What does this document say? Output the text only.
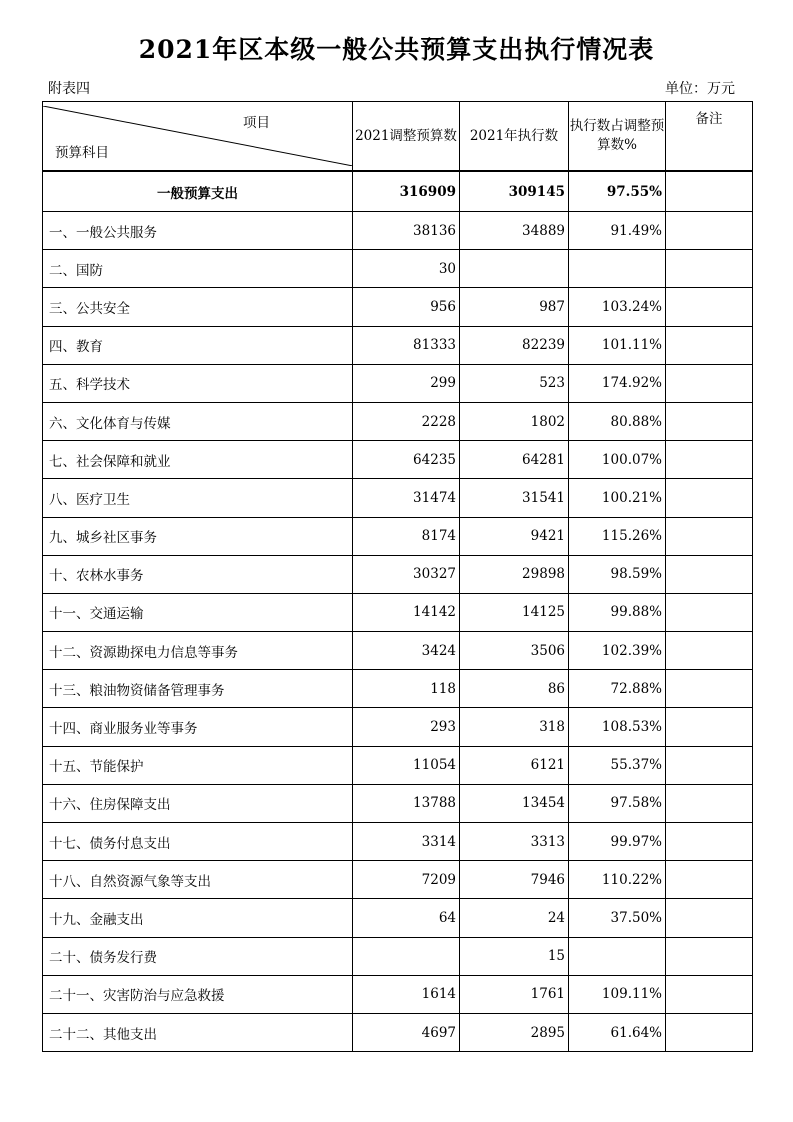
2021年区本级一般公共预算支出执行情况表
附表四	单位：万元
项目
预算科目	2021调整预算数	2021年执行数	执行数占调整预算数%	备注
一般预算支出	316909	309145	97.55%	
一、一般公共服务	38136	34889	91.49%	
二、国防	30			
三、公共安全	956	987	103.24%	
四、教育	81333	82239	101.11%	
五、科学技术	299	523	174.92%	
六、文化体育与传媒	2228	1802	80.88%	
七、社会保障和就业	64235	64281	100.07%	
八、医疗卫生	31474	31541	100.21%	
九、城乡社区事务	8174	9421	115.26%	
十、农林水事务	30327	29898	98.59%	
十一、交通运输	14142	14125	99.88%	
十二、资源勘探电力信息等事务	3424	3506	102.39%	
十三、粮油物资储备管理事务	118	86	72.88%	
十四、商业服务业等事务	293	318	108.53%	
十五、节能保护	11054	6121	55.37%	
十六、住房保障支出	13788	13454	97.58%	
十七、债务付息支出	3314	3313	99.97%	
十八、自然资源气象等支出	7209	7946	110.22%	
十九、金融支出	64	24	37.50%	
二十、债务发行费		15		
二十一、灾害防治与应急救援	1614	1761	109.11%	
二十二、其他支出	4697	2895	61.64%	
